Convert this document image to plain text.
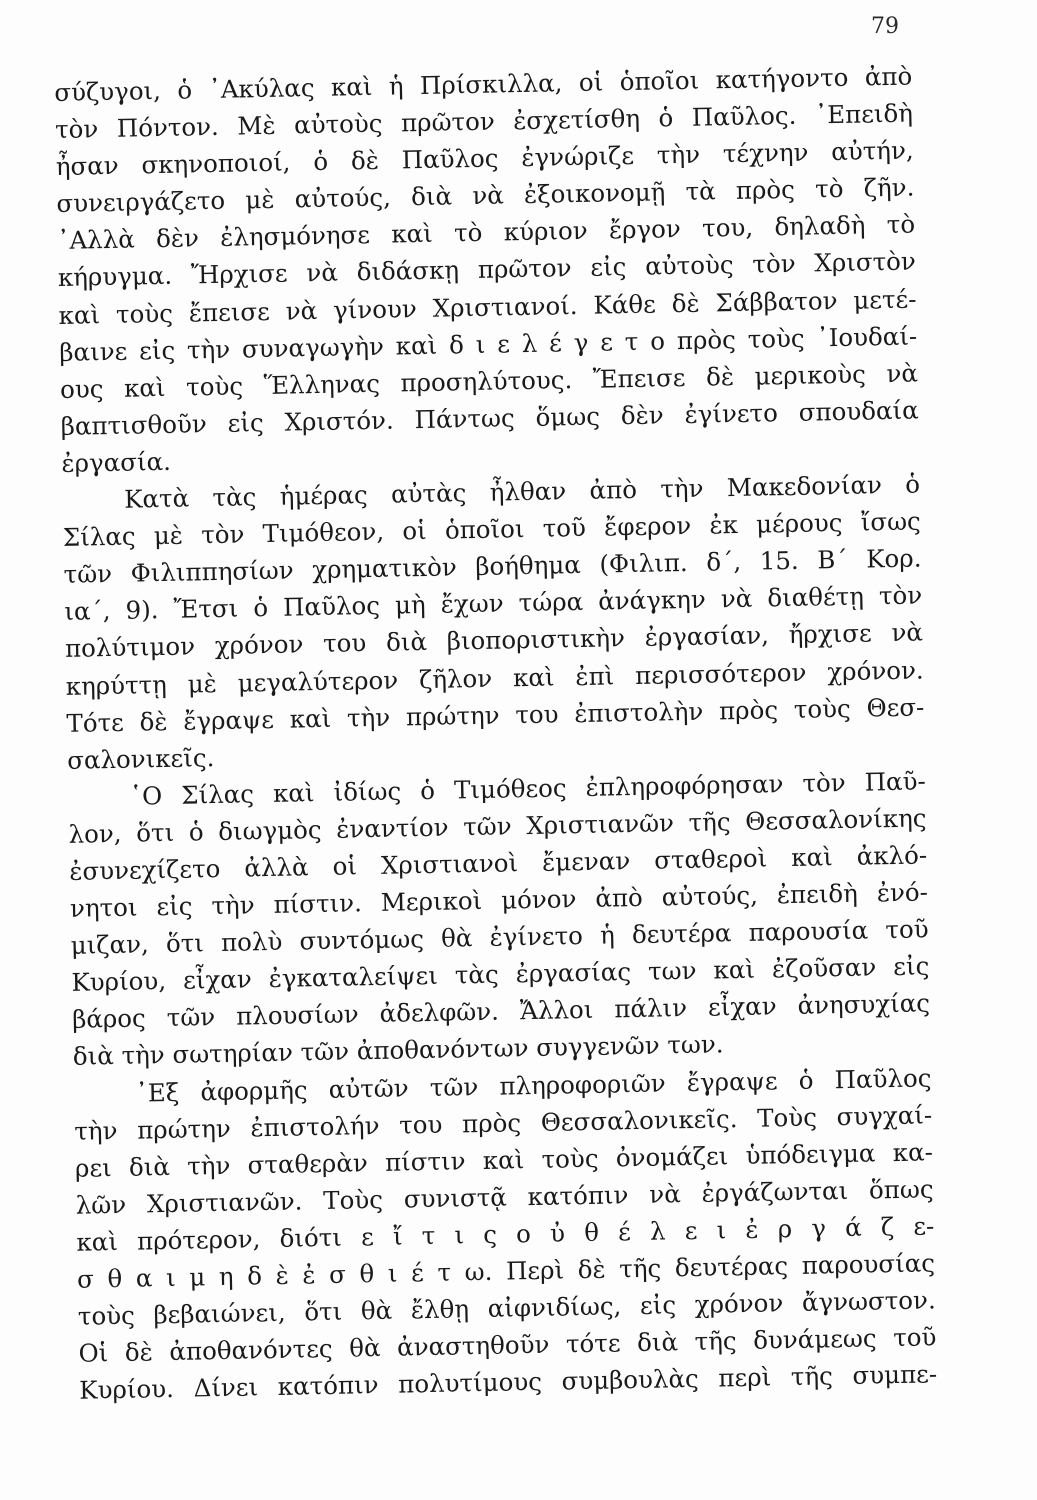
79
σύζυγοι, ὁ ᾿Ακύλας καὶ ἡ Πρίσκιλλα, οἱ ὁποῖοι κατήγοντο ἀπὸ
τὸν Πόντον. Μὲ αὐτοὺς πρῶτον ἐσχετίσθη ὁ Παῦλος. ᾿Επειδὴ
ἦσαν σκηνοποιοί, ὁ δὲ Παῦλος ἐγνώριζε τὴν τέχνην αὐτήν,
συνειργάζετο μὲ αὐτούς, διὰ νὰ ἐξοικονομῇ τὰ πρὸς τὸ ζῆν.
᾿Αλλὰ δὲν ἐλησμόνησε καὶ τὸ κύριον ἔργον του, δηλαδὴ τὸ
κήρυγμα. Ἤρχισε νὰ διδάσκῃ πρῶτον εἰς αὐτοὺς τὸν Χριστὸν
καὶ τοὺς ἔπεισε νὰ γίνουν Χριστιανοί. Κάθε δὲ Σάββατον μετέ-
βαινε εἰς τὴν συναγωγὴν καὶ δ ι ε λ έ γ ε τ ο πρὸς τοὺς ᾿Ιουδαί-
ους καὶ τοὺς Ἕλληνας προσηλύτους. Ἔπεισε δὲ μερικοὺς νὰ
βαπτισθοῦν εἰς Χριστόν. Πάντως ὅμως δὲν ἐγίνετο σπουδαία
ἐργασία.
Κατὰ τὰς ἡμέρας αὐτὰς ἦλθαν ἀπὸ τὴν Μακεδονίαν ὁ
Σίλας μὲ τὸν Τιμόθεον, οἱ ὁποῖοι τοῦ ἔφερον ἐκ μέρους ἴσως
τῶν Φιλιππησίων χρηματικὸν βοήθημα (Φιλιπ. δ΄, 15. Β΄ Κορ.
ια΄, 9). Ἔτσι ὁ Παῦλος μὴ ἔχων τώρα ἀνάγκην νὰ διαθέτῃ τὸν
πολύτιμον χρόνον του διὰ βιοποριστικὴν ἐργασίαν, ἤρχισε νὰ
κηρύττῃ μὲ μεγαλύτερον ζῆλον καὶ ἐπὶ περισσότερον χρόνον.
Τότε δὲ ἔγραψε καὶ τὴν πρώτην του ἐπιστολὴν πρὸς τοὺς Θεσ-
σαλονικεῖς.
῾Ο Σίλας καὶ ἰδίως ὁ Τιμόθεος ἐπληροφόρησαν τὸν Παῦ-
λον, ὅτι ὁ διωγμὸς ἐναντίον τῶν Χριστιανῶν τῆς Θεσσαλονίκης
ἐσυνεχίζετο ἀλλὰ οἱ Χριστιανοὶ ἔμεναν σταθεροὶ καὶ ἀκλό-
νητοι εἰς τὴν πίστιν. Μερικοὶ μόνον ἀπὸ αὐτούς, ἐπειδὴ ἐνό-
μιζαν, ὅτι πολὺ συντόμως θὰ ἐγίνετο ἡ δευτέρα παρουσία τοῦ
Κυρίου, εἶχαν ἐγκαταλείψει τὰς ἐργασίας των καὶ ἐζοῦσαν εἰς
βάρος τῶν πλουσίων ἀδελφῶν. Ἄλλοι πάλιν εἶχαν ἀνησυχίας
διὰ τὴν σωτηρίαν τῶν ἀποθανόντων συγγενῶν των.
᾿Εξ ἀφορμῆς αὐτῶν τῶν πληροφοριῶν ἔγραψε ὁ Παῦλος
τὴν πρώτην ἐπιστολήν του πρὸς Θεσσαλονικεῖς. Τοὺς συγχαί-
ρει διὰ τὴν σταθερὰν πίστιν καὶ τοὺς ὀνομάζει ὑπόδειγμα κα-
λῶν Χριστιανῶν. Τοὺς συνιστᾷ κατόπιν νὰ ἐργάζωνται ὅπως
καὶ πρότερον, διότι ε ἴ τ ι ς ο ὐ θ έ λ ε ι ἐ ρ γ ά ζ ε-
σ θ α ι μ η δ ὲ ἐ σ θ ι έ τ ω. Περὶ δὲ τῆς δευτέρας παρουσίας
τοὺς βεβαιώνει, ὅτι θὰ ἔλθῃ αἰφνιδίως, εἰς χρόνον ἄγνωστον.
Οἱ δὲ ἀποθανόντες θὰ ἀναστηθοῦν τότε διὰ τῆς δυνάμεως τοῦ
Κυρίου. Δίνει κατόπιν πολυτίμους συμβουλὰς περὶ τῆς συμπε-
